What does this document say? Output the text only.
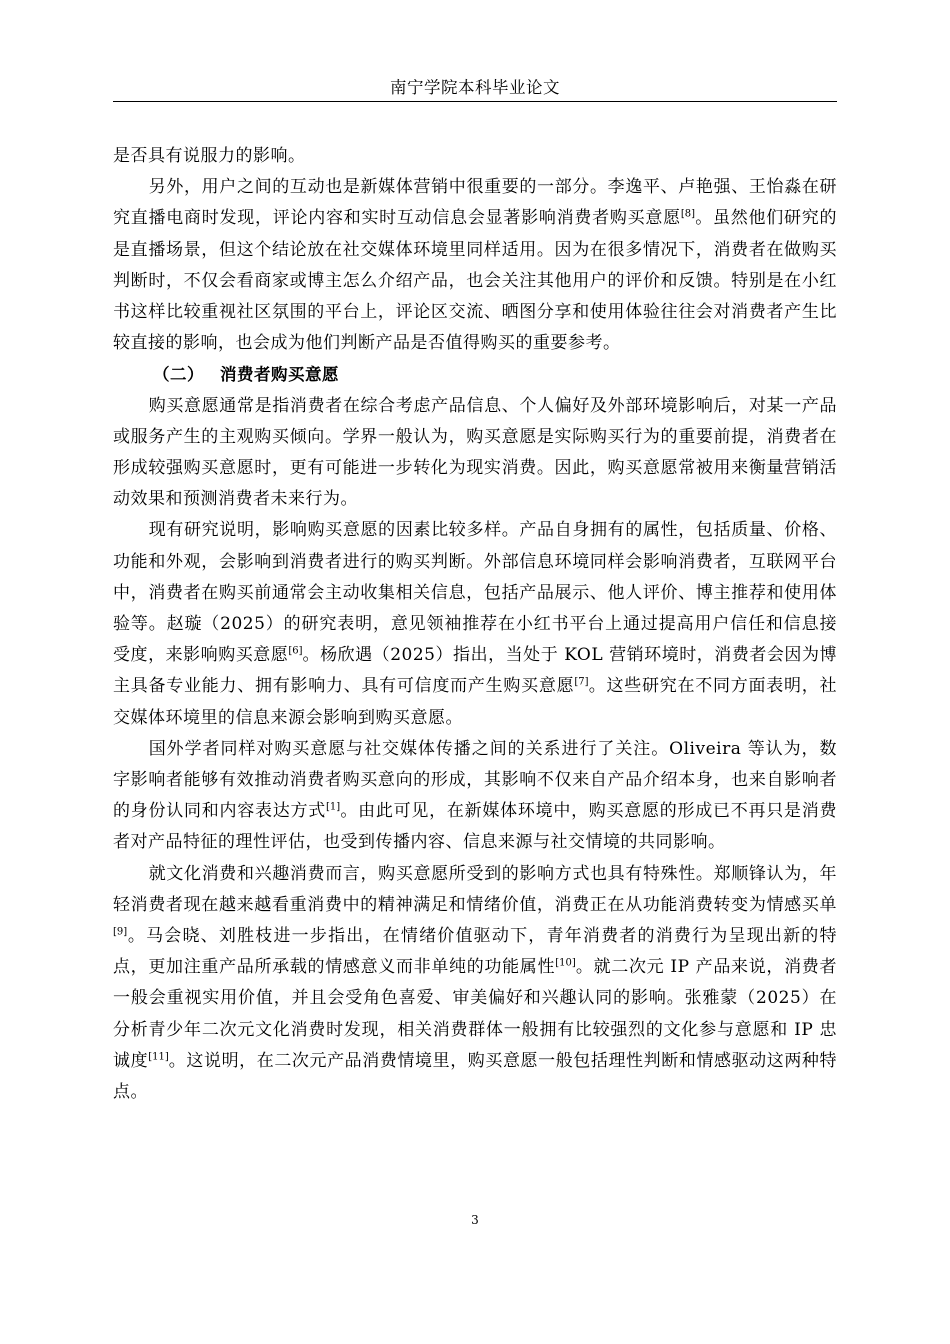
南宁学院本科毕业论文

是否具有说服力的影响。

另外，用户之间的互动也是新媒体营销中很重要的一部分。李逸平、卢艳强、王怡淼在研究直播电商时发现，评论内容和实时互动信息会显著影响消费者购买意愿[8]。虽然他们研究的是直播场景，但这个结论放在社交媒体环境里同样适用。因为在很多情况下，消费者在做购买判断时，不仅会看商家或博主怎么介绍产品，也会关注其他用户的评价和反馈。特别是在小红书这样比较重视社区氛围的平台上，评论区交流、晒图分享和使用体验往往会对消费者产生比较直接的影响，也会成为他们判断产品是否值得购买的重要参考。

（二） 消费者购买意愿

购买意愿通常是指消费者在综合考虑产品信息、个人偏好及外部环境影响后，对某一产品或服务产生的主观购买倾向。学界一般认为，购买意愿是实际购买行为的重要前提，消费者在形成较强购买意愿时，更有可能进一步转化为现实消费。因此，购买意愿常被用来衡量营销活动效果和预测消费者未来行为。

现有研究说明，影响购买意愿的因素比较多样。产品自身拥有的属性，包括质量、价格、功能和外观，会影响到消费者进行的购买判断。外部信息环境同样会影响消费者，互联网平台中，消费者在购买前通常会主动收集相关信息，包括产品展示、他人评价、博主推荐和使用体验等。赵璇（2025）的研究表明，意见领袖推荐在小红书平台上通过提高用户信任和信息接受度，来影响购买意愿[6]。杨欣遇（2025）指出，当处于 KOL 营销环境时，消费者会因为博主具备专业能力、拥有影响力、具有可信度而产生购买意愿[7]。这些研究在不同方面表明，社交媒体环境里的信息来源会影响到购买意愿。

国外学者同样对购买意愿与社交媒体传播之间的关系进行了关注。Oliveira 等认为，数字影响者能够有效推动消费者购买意向的形成，其影响不仅来自产品介绍本身，也来自影响者的身份认同和内容表达方式[1]。由此可见，在新媒体环境中，购买意愿的形成已不再只是消费者对产品特征的理性评估，也受到传播内容、信息来源与社交情境的共同影响。

就文化消费和兴趣消费而言，购买意愿所受到的影响方式也具有特殊性。郑顺锋认为，年轻消费者现在越来越看重消费中的精神满足和情绪价值，消费正在从功能消费转变为情感买单[9]。马会晓、刘胜枝进一步指出，在情绪价值驱动下，青年消费者的消费行为呈现出新的特点，更加注重产品所承载的情感意义而非单纯的功能属性[10]。就二次元 IP 产品来说，消费者一般会重视实用价值，并且会受角色喜爱、审美偏好和兴趣认同的影响。张雅蒙（2025）在分析青少年二次元文化消费时发现，相关消费群体一般拥有比较强烈的文化参与意愿和 IP 忠诚度[11]。这说明，在二次元产品消费情境里，购买意愿一般包括理性判断和情感驱动这两种特点。

3
